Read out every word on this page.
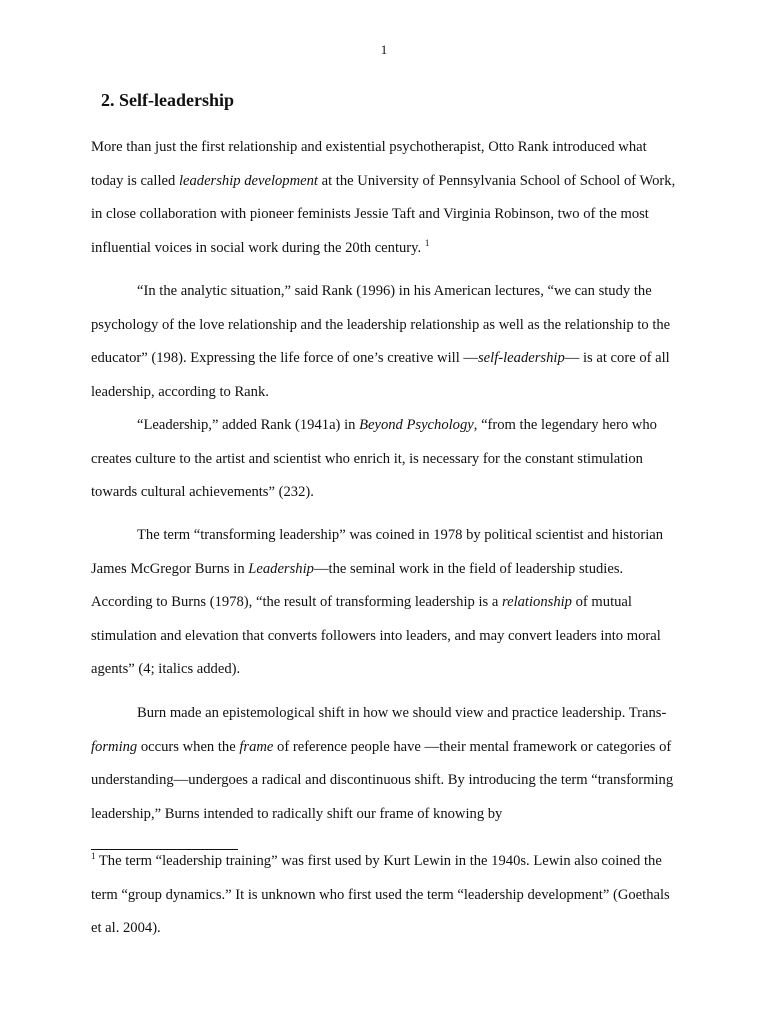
1
2. Self-leadership

More than just the first relationship and existential psychotherapist, Otto Rank introduced what today is called leadership development at the University of Pennsylvania School of School of Work, in close collaboration with pioneer feminists Jessie Taft and Virginia Robinson, two of the most influential voices in social work during the 20th century. $^1$

“In the analytic situation,” said Rank (1996) in his American lectures, “we can study the psychology of the love relationship and the leadership relationship as well as the relationship to the educator” (198). Expressing the life force of one’s creative will —self-leadership— is at core of all leadership, according to Rank.

“Leadership,” added Rank (1941a) in Beyond Psychology, “from the legendary hero who creates culture to the artist and scientist who enrich it, is necessary for the constant stimulation towards cultural achievements” (232).

The term “transforming leadership” was coined in 1978 by political scientist and historian James McGregor Burns in Leadership—the seminal work in the field of leadership studies. According to Burns (1978), “the result of transforming leadership is a relationship of mutual stimulation and elevation that converts followers into leaders, and may convert leaders into moral agents” (4; italics added).

Burn made an epistemological shift in how we should view and practice leadership. Trans-forming occurs when the frame of reference people have —their mental framework or categories of understanding—undergoes a radical and discontinuous shift. By introducing the term “transforming leadership,” Burns intended to radically shift our frame of knowing by

$^1$ The term “leadership training” was first used by Kurt Lewin in the 1940s. Lewin also coined the term “group dynamics.” It is unknown who first used the term “leadership development” (Goethals et al. 2004).
